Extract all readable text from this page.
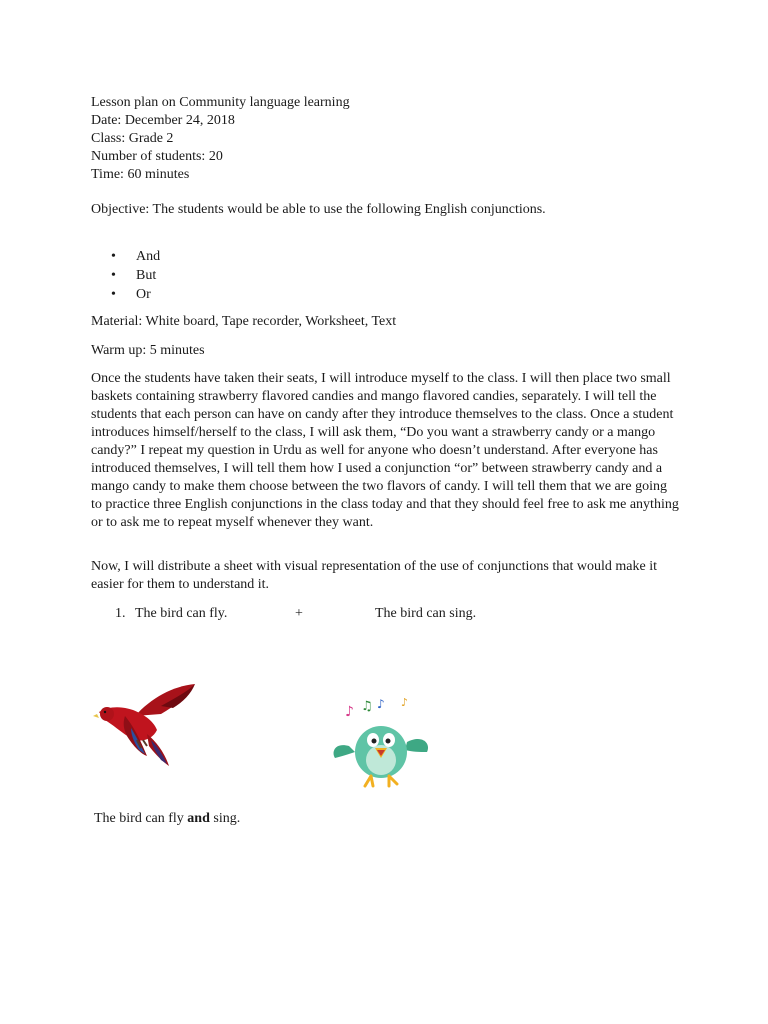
Lesson plan on Community language learning

Date: December 24, 2018

Class: Grade 2

Number of students: 20

Time: 60 minutes

Objective: The students would be able to use the following English conjunctions.

• And
• But
• Or

Material: White board, Tape recorder, Worksheet, Text

Warm up: 5 minutes

Once the students have taken their seats, I will introduce myself to the class. I will then place two small baskets containing strawberry flavored candies and mango flavored candies, separately. I will tell the students that each person can have on candy after they introduce themselves to the class. Once a student introduces himself/herself to the class, I will ask them, “Do you want a strawberry candy or a mango candy?” I repeat my question in Urdu as well for anyone who doesn’t understand. After everyone has introduced themselves, I will tell them how I used a conjunction “or” between strawberry candy and a mango candy to make them choose between the two flavors of candy. I will tell them that we are going to practice three English conjunctions in the class today and that they should feel free to ask me anything or to ask me to repeat myself whenever they want.

Now, I will distribute a sheet with visual representation of the use of conjunctions that would make it easier for them to understand it.

1. The bird can fly.	+	The bird can sing.
♪ ♫ ♪ ♪

The bird can fly and sing.
